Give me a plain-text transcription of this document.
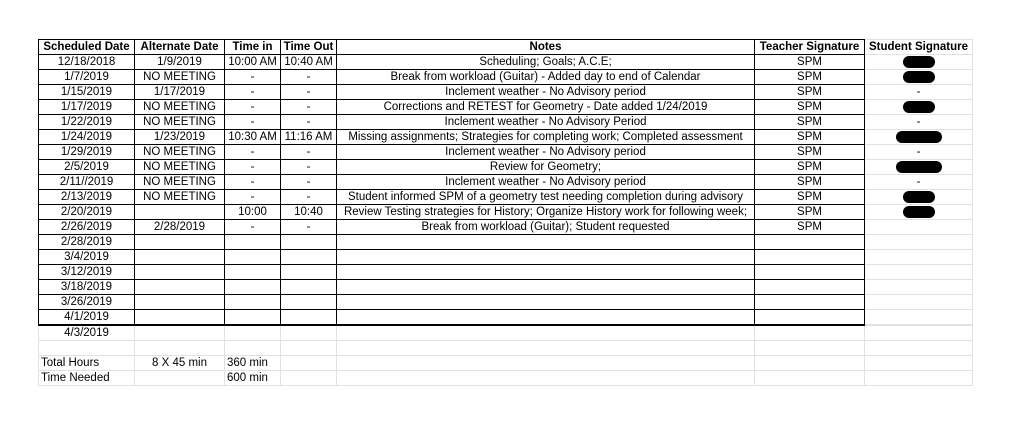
Scheduled Date	Alternate Date	Time in	Time Out	Notes	Teacher Signature	Student Signature
12/18/2018	1/9/2019	10:00 AM	10:40 AM	Scheduling; Goals; A.C.E;	SPM	
1/7/2019	NO MEETING	-	-	Break from workload (Guitar) - Added day to end of Calendar	SPM	
1/15/2019	1/17/2019	-	-	Inclement weather - No Advisory period	SPM	-
1/17/2019	NO MEETING	-	-	Corrections and RETEST for Geometry - Date added 1/24/2019	SPM	
1/22/2019	NO MEETING	-	-	Inclement weather - No Advisory Period	SPM	-
1/24/2019	1/23/2019	10:30 AM	11:16 AM	Missing assignments; Strategies for completing work; Completed assessment	SPM	
1/29/2019	NO MEETING	-	-	Inclement weather - No Advisory period	SPM	-
2/5/2019	NO MEETING	-	-	Review for Geometry;	SPM	
2/11//2019	NO MEETING	-	-	Inclement weather - No Advisory period	SPM	-
2/13/2019	NO MEETING	-	-	Student informed SPM of a geometry test needing completion during advisory	SPM	
2/20/2019		10:00	10:40	Review Testing strategies for History; Organize History work for following week;	SPM	
2/26/2019	2/28/2019	-	-	Break from workload (Guitar); Student requested	SPM	
2/28/2019						
3/4/2019						
3/12/2019						
3/18/2019						
3/26/2019						
4/1/2019						
4/3/2019						

Total Hours	8 X 45 min	360 min				
Time Needed		600 min				
